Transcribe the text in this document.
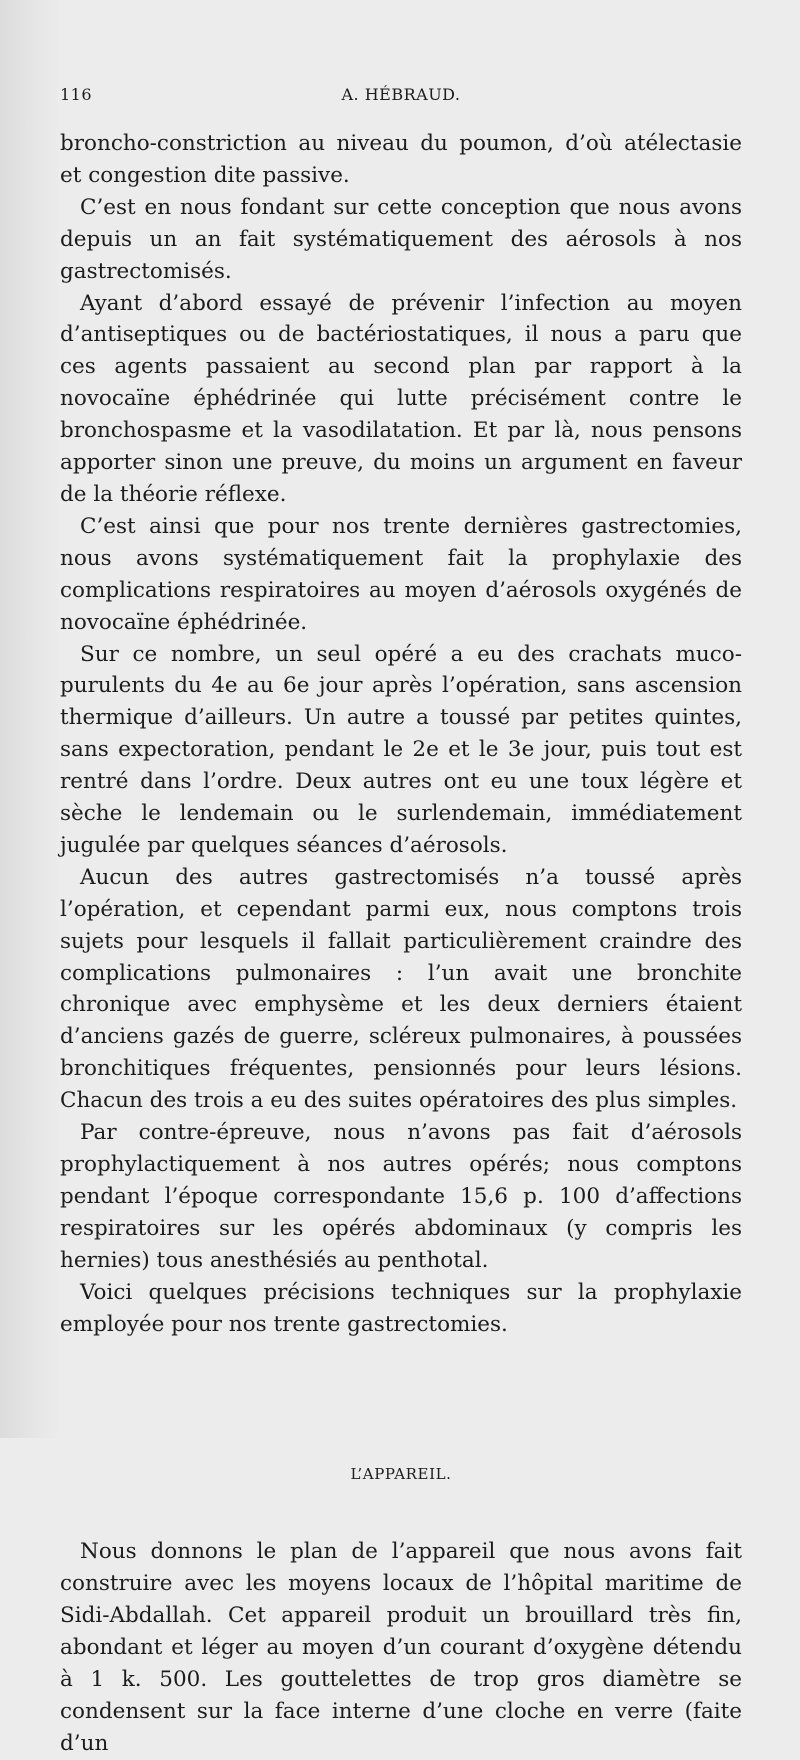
116	A. HÉBRAUD.

broncho-constriction au niveau du poumon, d’où atélectasie et congestion dite passive.

C’est en nous fondant sur cette conception que nous avons depuis un an fait systématiquement des aérosols à nos gastrectomisés.

Ayant d’abord essayé de prévenir l’infection au moyen d’antiseptiques ou de bactériostatiques, il nous a paru que ces agents passaient au second plan par rapport à la novocaïne éphédrinée qui lutte précisément contre le bronchospasme et la vasodilatation. Et par là, nous pensons apporter sinon une preuve, du moins un argument en faveur de la théorie réflexe.

C’est ainsi que pour nos trente dernières gastrectomies, nous avons systématiquement fait la prophylaxie des complications respiratoires au moyen d’aérosols oxygénés de novocaïne éphédrinée.

Sur ce nombre, un seul opéré a eu des crachats muco-purulents du 4e au 6e jour après l’opération, sans ascension thermique d’ailleurs. Un autre a toussé par petites quintes, sans expectoration, pendant le 2e et le 3e jour, puis tout est rentré dans l’ordre. Deux autres ont eu une toux légère et sèche le lendemain ou le surlendemain, immédiatement jugulée par quelques séances d’aérosols.

Aucun des autres gastrectomisés n’a toussé après l’opération, et cependant parmi eux, nous comptons trois sujets pour lesquels il fallait particulièrement craindre des complications pulmonaires : l’un avait une bronchite chronique avec emphysème et les deux derniers étaient d’anciens gazés de guerre, scléreux pulmonaires, à poussées bronchitiques fréquentes, pensionnés pour leurs lésions. Chacun des trois a eu des suites opératoires des plus simples.

Par contre-épreuve, nous n’avons pas fait d’aérosols prophylactiquement à nos autres opérés; nous comptons pendant l’époque correspondante 15,6 p. 100 d’affections respiratoires sur les opérés abdominaux (y compris les hernies) tous anesthésiés au penthotal.

Voici quelques précisions techniques sur la prophylaxie employée pour nos trente gastrectomies.

L’APPAREIL.

Nous donnons le plan de l’appareil que nous avons fait construire avec les moyens locaux de l’hôpital maritime de Sidi-Abdallah. Cet appareil produit un brouillard très fin, abondant et léger au moyen d’un courant d’oxygène détendu à 1 k. 500. Les gouttelettes de trop gros diamètre se condensent sur la face interne d’une cloche en verre (faite d’un
